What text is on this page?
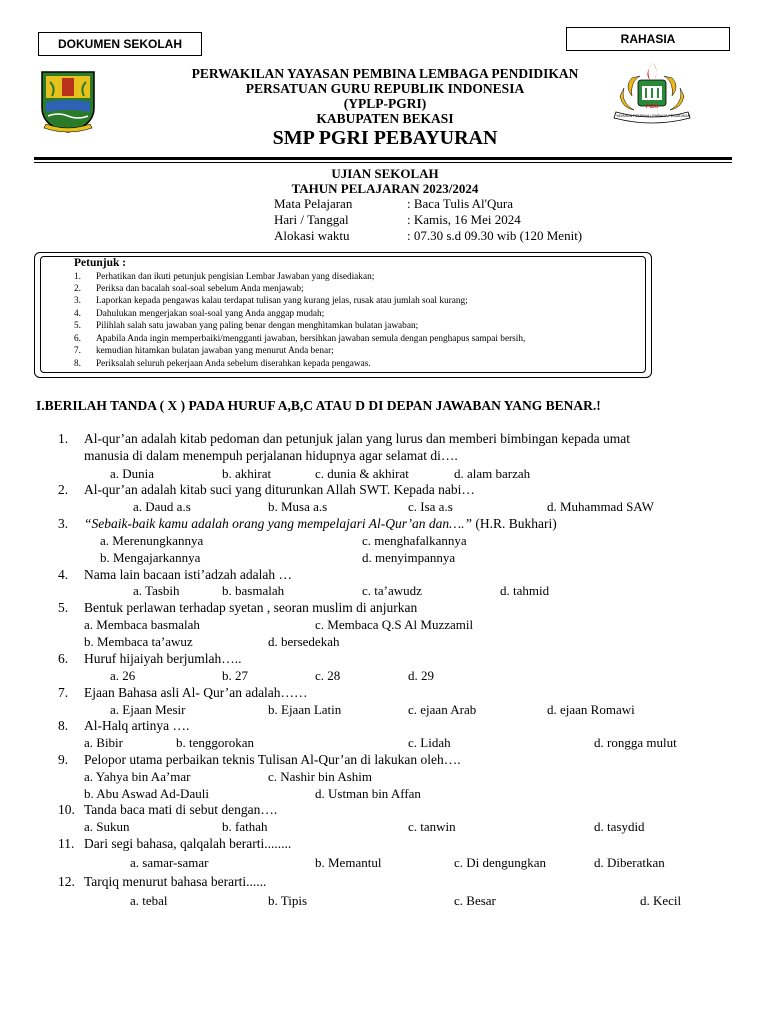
DOKUMEN SEKOLAH	RAHASIA
PGRI
YAYASAN PEMBINA LEMBAGA PENDIDIKAN
PERWAKILAN YAYASAN PEMBINA LEMBAGA PENDIDIKAN
PERSATUAN GURU REPUBLIK INDONESIA
(YPLP-PGRI)
KABUPATEN BEKASI
SMP PGRI PEBAYURAN
UJIAN SEKOLAH
TAHUN PELAJARAN 2023/2024
Mata Pelajaran	: Baca Tulis Al'Qura
Hari / Tanggal	: Kamis, 16 Mei 2024
Alokasi waktu	: 07.30 s.d 09.30 wib (120 Menit)
Petunjuk :
1. Perhatikan dan ikuti petunjuk pengisian Lembar Jawaban yang disediakan;
2. Periksa dan bacalah soal-soal sebelum Anda menjawab;
3. Laporkan kepada pengawas kalau terdapat tulisan yang kurang jelas, rusak atau jumlah soal kurang;
4. Dahulukan mengerjakan soal-soal yang Anda anggap mudah;
5. Pilihlah salah satu jawaban yang paling benar dengan menghitamkan bulatan jawaban;
6. Apabila Anda ingin memperbaiki/mengganti jawaban, bersihkan jawaban semula dengan penghapus sampai bersih,
7. kemudian hitamkan bulatan jawaban yang menurut Anda benar;
8. Periksalah seluruh pekerjaan Anda sebelum diserahkan kepada pengawas.
I.BERILAH TANDA ( X ) PADA HURUF A,B,C ATAU D DI DEPAN JAWABAN YANG BENAR.!
1. Al-qur’an adalah kitab pedoman dan petunjuk jalan yang lurus dan memberi bimbingan kepada umat
manusia di dalam menempuh perjalanan hidupnya agar selamat di….
a. Dunia	b. akhirat	c. dunia & akhirat	d. alam barzah
2. Al-qur’an adalah kitab suci yang diturunkan Allah SWT. Kepada nabi…
a. Daud a.s	b. Musa a.s	c. Isa a.s	d. Muhammad SAW
3. “Sebaik-baik kamu adalah orang yang mempelajari Al-Qur’an dan….” (H.R. Bukhari)
a. Merenungkannya
b. Mengajarkannya
c. menghafalkannya
d. menyimpannya
4. Nama lain bacaan isti’adzah adalah …
a. Tasbih	b. basmalah	c. ta’awudz	d. tahmid
5. Bentuk perlawan terhadap syetan , seoran muslim di anjurkan
a. Membaca basmalah
b. Membaca ta’awuz
c. Membaca Q.S Al Muzzamil
d. bersedekah
6. Huruf hijaiyah berjumlah…..
a. 26	b. 27	c. 28	d. 29
7. Ejaan Bahasa asli Al- Qur’an adalah……
a. Ejaan Mesir	b. Ejaan Latin	c. ejaan Arab	d. ejaan Romawi
8. Al-Halq artinya ….
a. Bibir	b. tenggorokan	c. Lidah	d. rongga mulut
9. Pelopor utama perbaikan teknis Tulisan Al-Qur’an di lakukan oleh….
a. Yahya bin Aa’mar
b. Abu Aswad Ad-Dauli
c. Nashir bin Ashim
d. Ustman bin Affan
10. Tanda baca mati di sebut dengan….
a. Sukun	b. fathah	c. tanwin	d. tasydid
11. Dari segi bahasa, qalqalah berarti........
a. samar-samar	b. Memantul	c. Di dengungkan	d. Diberatkan
12. Tarqiq menurut bahasa berarti......
a. tebal	b. Tipis	c. Besar	d. Kecil
